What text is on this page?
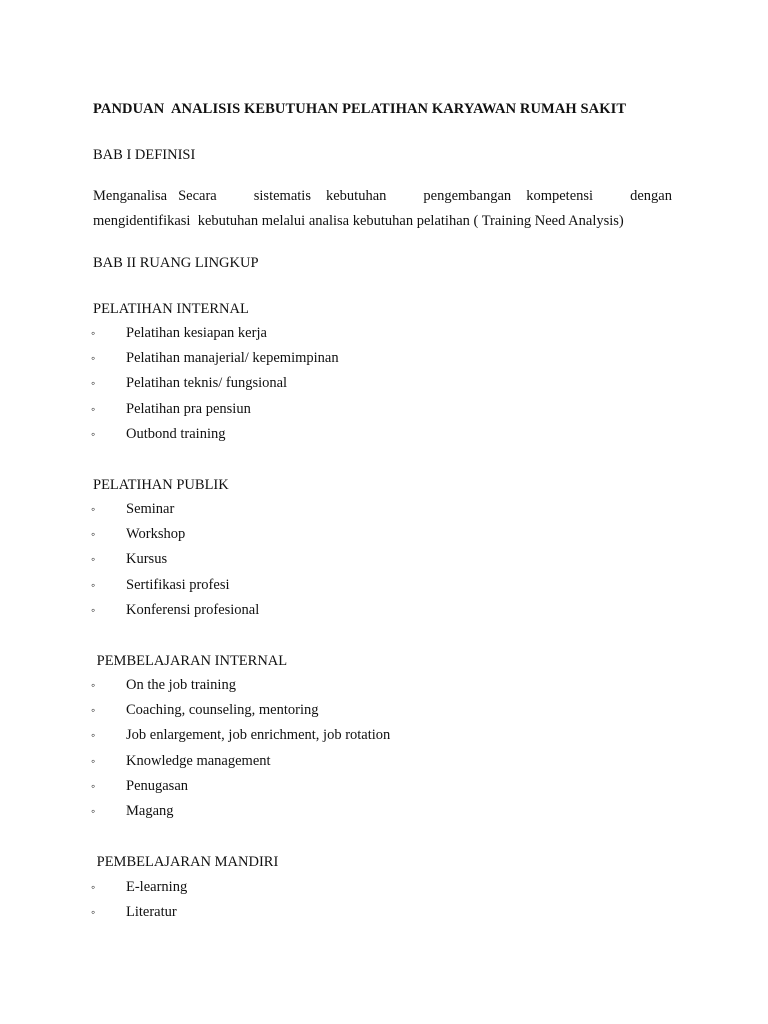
PANDUAN  ANALISIS KEBUTUHAN PELATIHAN KARYAWAN RUMAH SAKIT
BAB I DEFINISI
Menganalisa Secara	sistematis kebutuhan	pengembangan kompetensi	dengan
mengidentifikasi  kebutuhan melalui analisa kebutuhan pelatihan ( Training Need Analysis)
BAB II RUANG LINGKUP
PELATIHAN INTERNAL
◦ Pelatihan kesiapan kerja
◦ Pelatihan manajerial/ kepemimpinan
◦ Pelatihan teknis/ fungsional
◦ Pelatihan pra pensiun
◦ Outbond training
PELATIHAN PUBLIK
◦ Seminar
◦ Workshop
◦ Kursus
◦ Sertifikasi profesi
◦ Konferensi profesional
PEMBELAJARAN INTERNAL
◦ On the job training
◦ Coaching, counseling, mentoring
◦ Job enlargement, job enrichment, job rotation
◦ Knowledge management
◦ Penugasan
◦ Magang
PEMBELAJARAN MANDIRI
◦ E-learning
◦ Literatur
